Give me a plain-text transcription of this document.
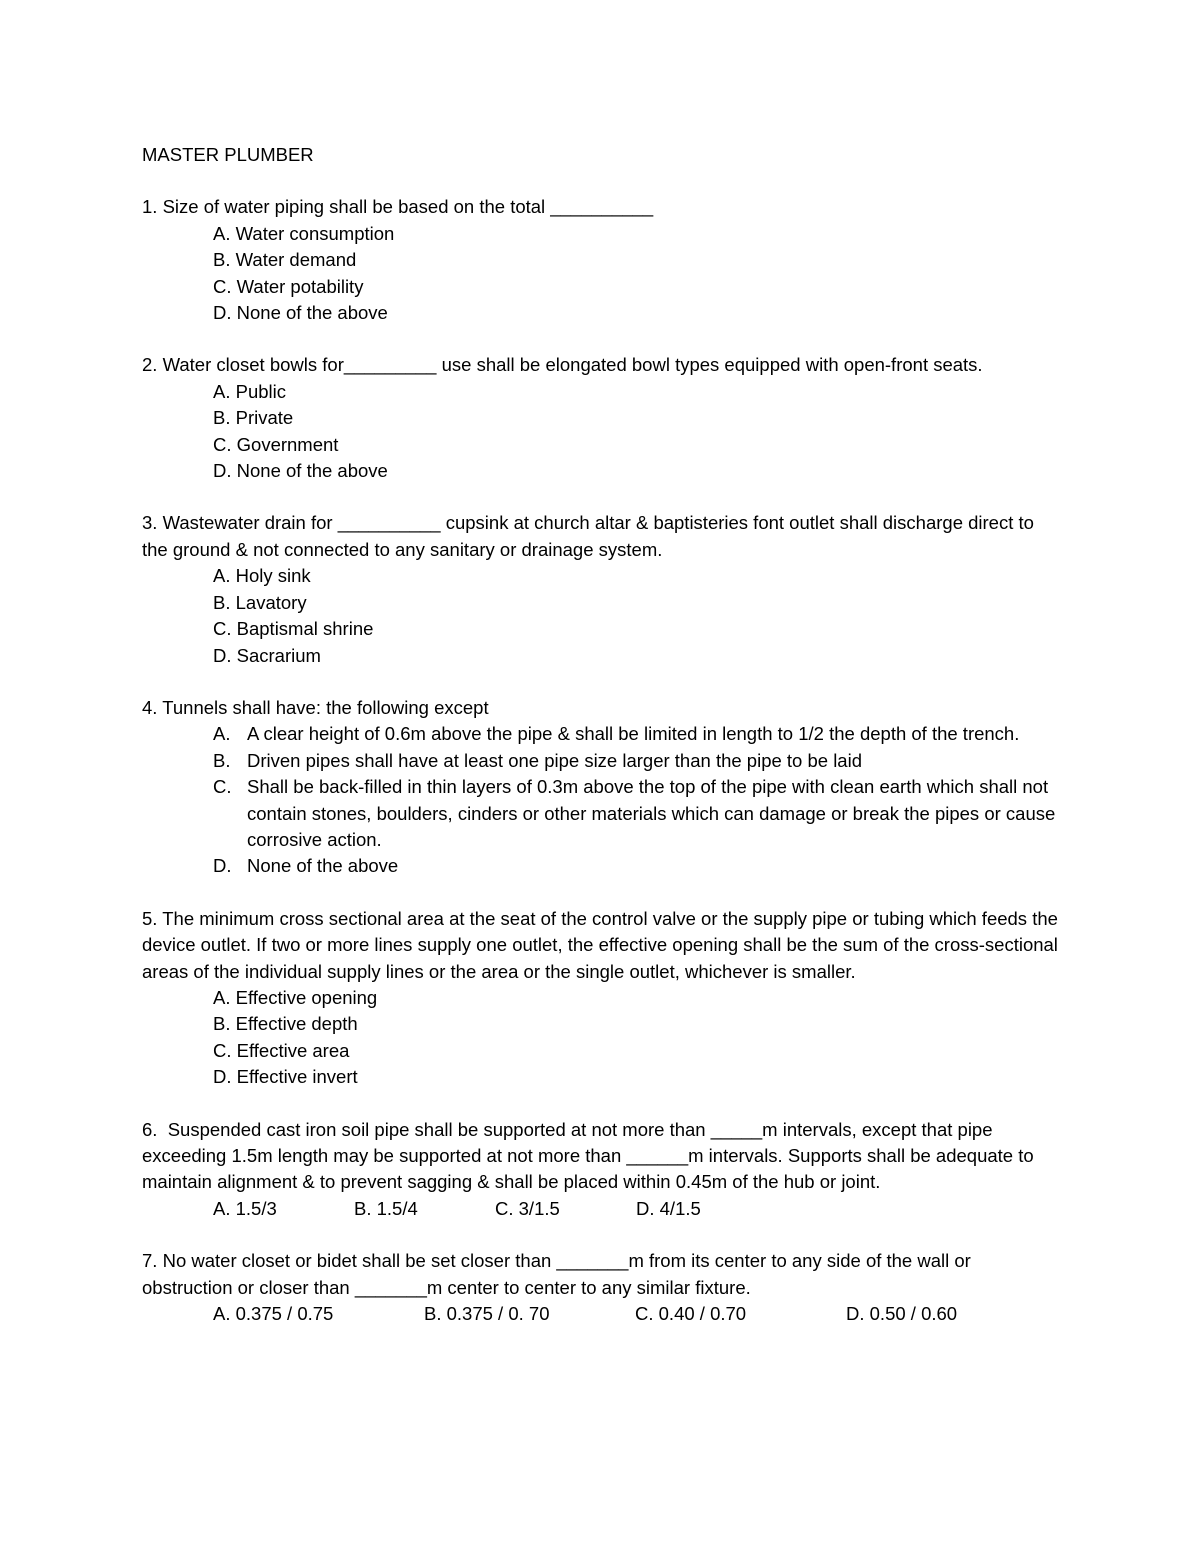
MASTER PLUMBER

1. Size of water piping shall be based on the total __________

A. Water consumption
B. Water demand
C. Water potability
D. None of the above

2. Water closet bowls for_________ use shall be elongated bowl types equipped with open-front seats.

A. Public
B. Private
C. Government
D. None of the above

3. Wastewater drain for __________ cupsink at church altar & baptisteries font outlet shall discharge direct to the ground & not connected to any sanitary or drainage system.

A. Holy sink
B. Lavatory
C. Baptismal shrine
D. Sacrarium

4. Tunnels shall have: the following except

A. A clear height of 0.6m above the pipe & shall be limited in length to 1/2 the depth of the trench.
B. Driven pipes shall have at least one pipe size larger than the pipe to be laid
C. Shall be back-filled in thin layers of 0.3m above the top of the pipe with clean earth which shall not contain stones, boulders, cinders or other materials which can damage or break the pipes or cause corrosive action.
D. None of the above

5. The minimum cross sectional area at the seat of the control valve or the supply pipe or tubing which feeds the device outlet. If two or more lines supply one outlet, the effective opening shall be the sum of the cross-sectional areas of the individual supply lines or the area or the single outlet, whichever is smaller.

A. Effective opening
B. Effective depth
C. Effective area
D. Effective invert

6. Suspended cast iron soil pipe shall be supported at not more than _____m intervals, except that pipe exceeding 1.5m length may be supported at not more than ______m intervals. Supports shall be adequate to maintain alignment & to prevent sagging & shall be placed within 0.45m of the hub or joint.

A. 1.5/3	B. 1.5/4	C. 3/1.5	D. 4/1.5

7. No water closet or bidet shall be set closer than _______m from its center to any side of the wall or obstruction or closer than _______m center to center to any similar fixture.

A. 0.375 / 0.75	B. 0.375 / 0. 70	C. 0.40 / 0.70	D. 0.50 / 0.60
